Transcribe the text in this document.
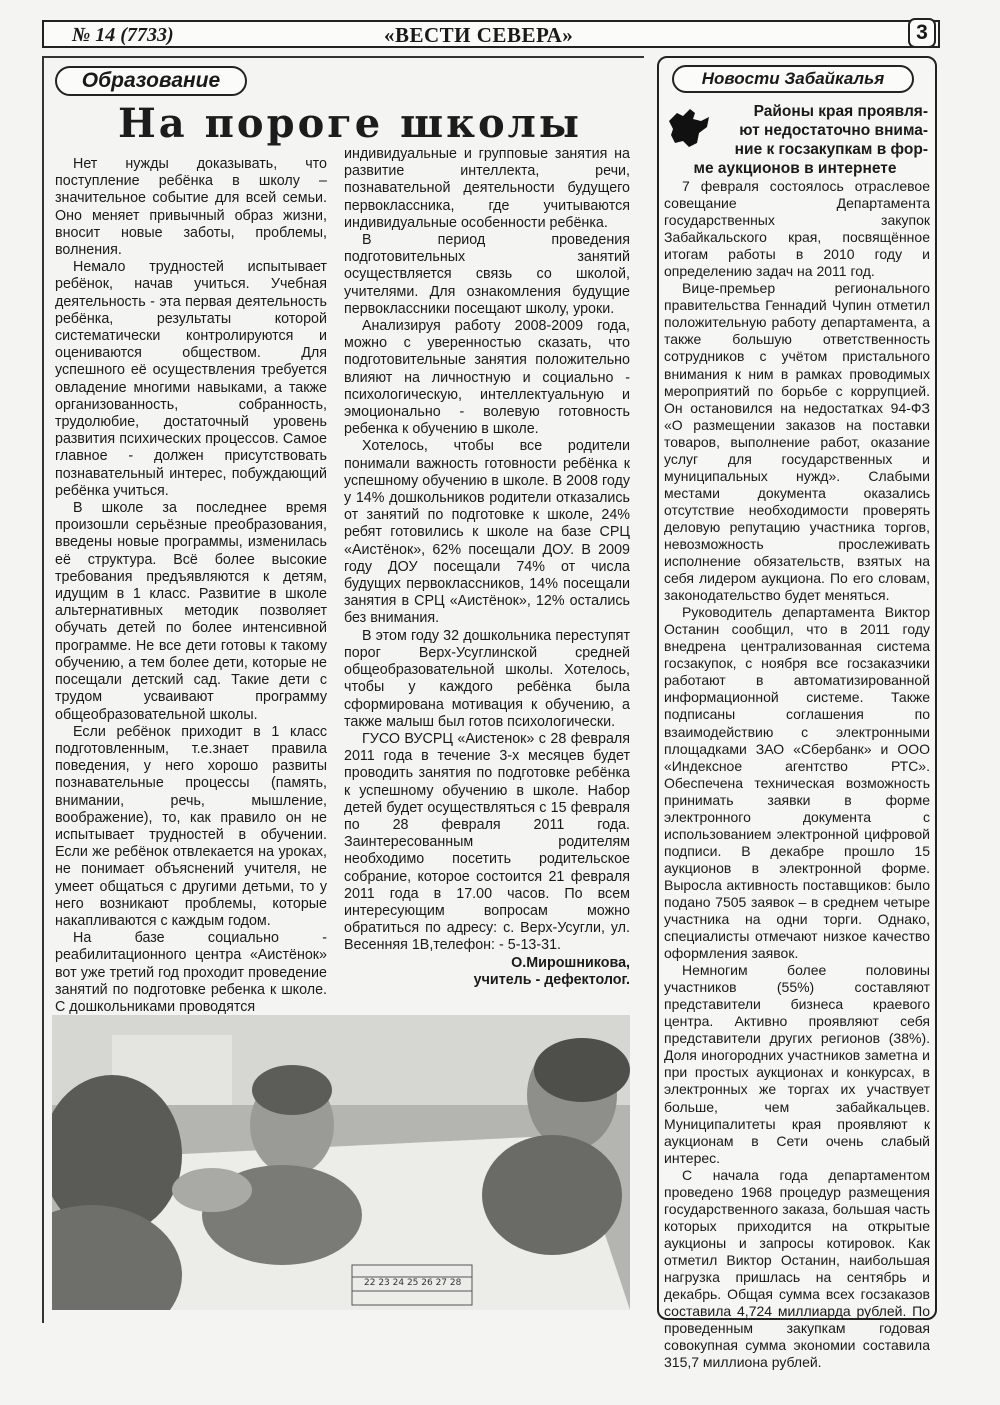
№ 14 (7733)	«ВЕСТИ СЕВЕРА»	3
Образование
На пороге школы

Нет нужды доказывать, что поступление ребёнка в школу – значительное событие для всей семьи. Оно меняет привычный образ жизни, вносит новые заботы, проблемы, волнения.

Немало трудностей испытывает ребёнок, начав учиться. Учебная деятельность - эта первая деятельность ребёнка, результаты которой систематически контролируются и оцениваются обществом. Для успешного её осуществления требуется овладение многими навыками, а также организованность, собранность, трудолюбие, достаточный уровень развития психических процессов. Самое главное - должен присутствовать познавательный интерес, побуждающий ребёнка учиться.

В школе за последнее время произошли серьёзные преобразования, введены новые программы, изменилась её структура. Всё более высокие требования предъявляются к детям, идущим в 1 класс. Развитие в школе альтернативных методик позволяет обучать детей по более интенсивной программе. Не все дети готовы к такому обучению, а тем более дети, которые не посещали детский сад. Такие дети с трудом усваивают программу общеобразовательной школы.

Если ребёнок приходит в 1 класс подготовленным, т.е.знает правила поведения, у него хорошо развиты познавательные процессы (память, внимании, речь, мышление, воображение), то, как правило он не испытывает трудностей в обучении. Если же ребёнок отвлекается на уроках, не понимает объяснений учителя, не умеет общаться с другими детьми, то у него возникают проблемы, которые накапливаются с каждым годом.

На базе социально - реабилитационного центра «Аистёнок» вот уже третий год проходит проведение занятий по подготовке ребенка к школе. С дошкольниками проводятся

индивидуальные и групповые занятия на развитие интеллекта, речи, познавательной деятельности будущего первоклассника, где учитываются индивидуальные особенности ребёнка.

В период проведения подготовительных занятий осуществляется связь со школой, учителями. Для ознакомления будущие первоклассники посещают школу, уроки.

Анализируя работу 2008-2009 года, можно с уверенностью сказать, что подготовительные занятия положительно влияют на личностную и социально - психологическую, интеллектуальную и эмоционально - волевую готовность ребенка к обучению в школе.

Хотелось, чтобы все родители понимали важность готовности ребёнка к успешному обучению в школе. В 2008 году у 14% дошкольников родители отказались от занятий по подготовке к школе, 24% ребят готовились к школе на базе СРЦ «Аистёнок», 62% посещали ДОУ. В 2009 году ДОУ посещали 74% от числа будущих первоклассников, 14% посещали занятия в СРЦ «Аистёнок», 12% остались без внимания.

В этом году 32 дошкольника переступят порог Верх-Усуглинской средней общеобразовательной школы. Хотелось, чтобы у каждого ребёнка была сформирована мотивация к обучению, а также малыш был готов психологически.

ГУСО ВУСРЦ «Аистенок» с 28 февраля 2011 года в течение 3-х месяцев будет проводить занятия по подготовке ребёнка к успешному обучению в школе. Набор детей будет осуществляться с 15 февраля по 28 февраля 2011 года. Заинтересованным родителям необходимо посетить родительское собрание, которое состоится 21 февраля 2011 года в 17.00 часов. По всем интересующим вопросам можно обратиться по адресу: с. Верх-Усугли, ул. Весенняя 1В,телефон: - 5-13-31.

О.Мирошникова,
учитель - дефектолог.
22 23 24 25 26 27 28
Новости Забайкалья
Районы края проявля-
ют недостаточно внима-
ние к госзакупкам в фор-
ме аукционов в интернете

7 февраля состоялось отраслевое совещание Департамента государственных закупок Забайкальского края, посвящённое итогам работы в 2010 году и определению задач на 2011 год.

Вице-премьер регионального правительства Геннадий Чупин отметил положительную работу департамента, а также большую ответственность сотрудников с учётом пристального внимания к ним в рамках проводимых мероприятий по борьбе с коррупцией. Он остановился на недостатках 94-ФЗ «О размещении заказов на поставки товаров, выполнение работ, оказание услуг для государственных и муниципальных нужд». Слабыми местами документа оказались отсутствие необходимости проверять деловую репутацию участника торгов, невозможность прослеживать исполнение обязательств, взятых на себя лидером аукциона. По его словам, законодательство будет меняться.

Руководитель департамента Виктор Останин сообщил, что в 2011 году внедрена централизованная система госзакупок, с ноября все госзаказчики работают в автоматизированной информационной системе. Также подписаны соглашения по взаимодействию с электронными площадками ЗАО «Сбербанк» и ООО «Индексное агентство РТС». Обеспечена техническая возможность принимать заявки в форме электронного документа с использованием электронной цифровой подписи. В декабре прошло 15 аукционов в электронной форме. Выросла активность поставщиков: было подано 7505 заявок – в среднем четыре участника на одни торги. Однако, специалисты отмечают низкое качество оформления заявок.

Немногим более половины участников (55%) составляют представители бизнеса краевого центра. Активно проявляют себя представители других регионов (38%). Доля иногородних участников заметна и при простых аукционах и конкурсах, в электронных же торгах их участвует больше, чем забайкальцев. Муниципалитеты края проявляют к аукционам в Сети очень слабый интерес.

С начала года департаментом проведено 1968 процедур размещения государственного заказа, большая часть которых приходится на открытые аукционы и запросы котировок. Как отметил Виктор Останин, наибольшая нагрузка пришлась на сентябрь и декабрь. Общая сумма всех госзаказов составила 4,724 миллиарда рублей. По проведенным закупкам годовая совокупная сумма экономии составила 315,7 миллиона рублей.
